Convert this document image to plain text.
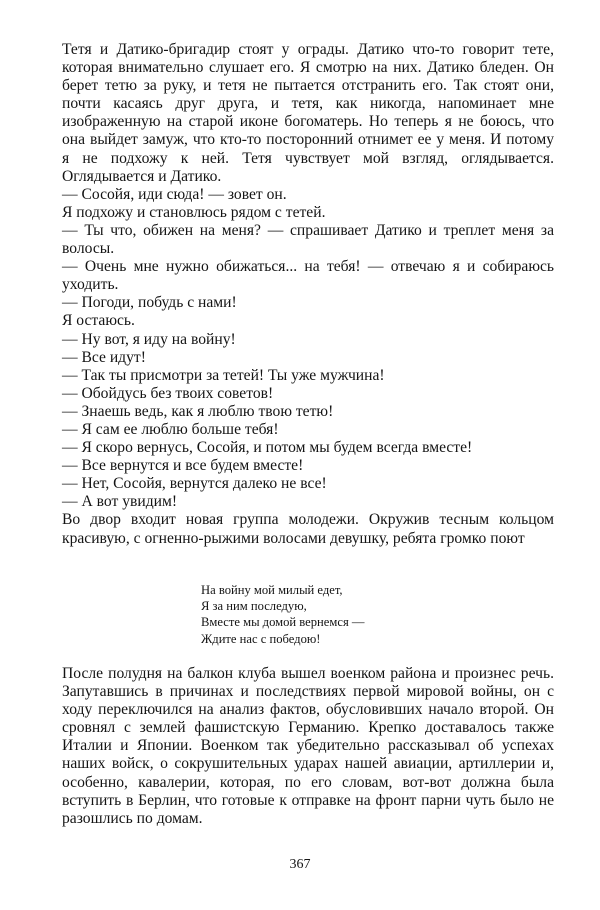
Тетя и Датико-бригадир стоят у ограды. Датико что-то говорит тете, которая внимательно слушает его. Я смотрю на них. Датико бледен. Он берет тетю за руку, и тетя не пытается отстранить его. Так стоят они, почти касаясь друг друга, и тетя, как никогда, напоминает мне изображенную на старой иконе богоматерь. Но теперь я не боюсь, что она выйдет замуж, что кто-то посторонний отнимет ее у меня. И потому я не подхожу к ней. Тетя чувствует мой взгляд, оглядывается. Оглядывается и Датико.

— Сосойя, иди сюда! — зовет он.

Я подхожу и становлюсь рядом с тетей.

— Ты что, обижен на меня? — спрашивает Датико и треплет меня за волосы.

— Очень мне нужно обижаться... на тебя! — отвечаю я и собираюсь уходить.

— Погоди, побудь с нами!

Я остаюсь.

— Ну вот, я иду на войну!

— Все идут!

— Так ты присмотри за тетей! Ты уже мужчина!

— Обойдусь без твоих советов!

— Знаешь ведь, как я люблю твою тетю!

— Я сам ее люблю больше тебя!

— Я скоро вернусь, Сосойя, и потом мы будем всегда вместе!

— Все вернутся и все будем вместе!

— Нет, Сосойя, вернутся далеко не все!

— А вот увидим!

Во двор входит новая группа молодежи. Окружив тесным кольцом красивую, с огненно-рыжими волосами девушку, ребята громко поют

На войну мой милый едет,
Я за ним последую,
Вместе мы домой вернемся —
Ждите нас с победою!

После полудня на балкон клуба вышел военком района и произнес речь. Запутавшись в причинах и последствиях первой мировой войны, он с ходу переключился на анализ фактов, обусловивших начало второй. Он сровнял с землей фашистскую Германию. Крепко доставалось также Италии и Японии. Военком так убедительно рассказывал об успехах наших войск, о сокрушительных ударах нашей авиации, артиллерии и, особенно, кавалерии, которая, по его словам, вот-вот должна была вступить в Берлин, что готовые к отправке на фронт парни чуть было не разошлись по домам.

367
